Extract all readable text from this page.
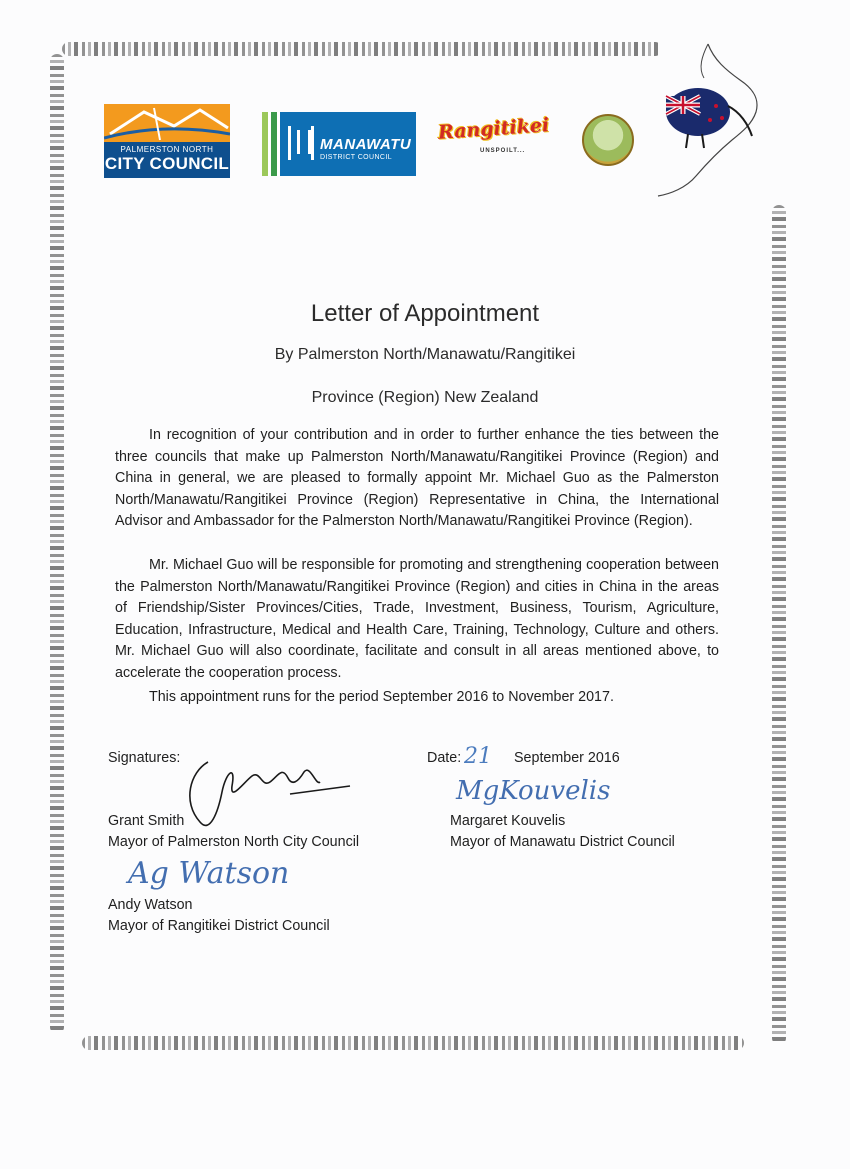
PALMERSTON NORTH
CITY COUNCIL
MANAWATU
DISTRICT COUNCIL
Rangitikei
UNSPOILT...
Letter of Appointment
By Palmerston North/Manawatu/Rangitikei
Province (Region) New Zealand

In recognition of your contribution and in order to further enhance the ties between the three councils that make up Palmerston North/Manawatu/Rangitikei Province (Region) and China in general, we are pleased to formally appoint Mr. Michael Guo as the Palmerston North/Manawatu/Rangitikei Province (Region) Representative in China, the International Advisor and Ambassador for the Palmerston North/Manawatu/Rangitikei Province (Region).

Mr. Michael Guo will be responsible for promoting and strengthening cooperation between the Palmerston North/Manawatu/Rangitikei Province (Region) and cities in China in the areas of Friendship/Sister Provinces/Cities, Trade, Investment, Business, Tourism, Agriculture, Education, Infrastructure, Medical and Health Care, Training, Technology, Culture and others. Mr. Michael Guo will also coordinate, facilitate and consult in all areas mentioned above, to accelerate the cooperation process.

This appointment runs for the period September 2016 to November 2017.

Signatures:	Date: 21 September 2016
MgKouvelis
Grant Smith
Mayor of Palmerston North City Council
Margaret Kouvelis
Mayor of Manawatu District Council
Ag Watson
Andy Watson
Mayor of Rangitikei District Council
